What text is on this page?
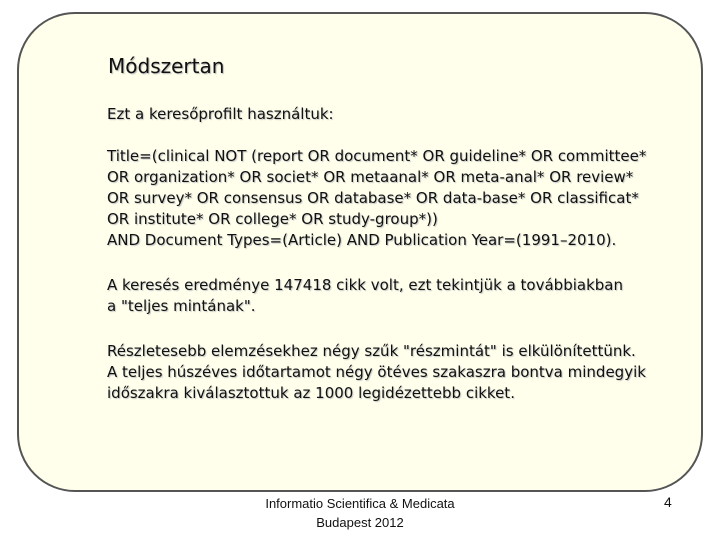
Módszertan
Ezt a keresőprofilt használtuk:
Title=(clinical NOT (report OR document* OR guideline* OR committee*
OR organization* OR societ* OR metaanal* OR meta-anal* OR review*
OR survey* OR consensus OR database* OR data-base* OR classificat*
OR institute* OR college* OR study-group*))
AND Document Types=(Article) AND Publication Year=(1991–2010).
A keresés eredménye 147418 cikk volt, ezt tekintjük a továbbiakban
a "teljes mintának".
Részletesebb elemzésekhez négy szűk "részmintát" is elkülönítettünk.
A teljes húszéves időtartamot négy ötéves szakaszra bontva mindegyik
időszakra kiválasztottuk az 1000 legidézettebb cikket.
Informatio Scientifica & Medicata
Budapest 2012
4
